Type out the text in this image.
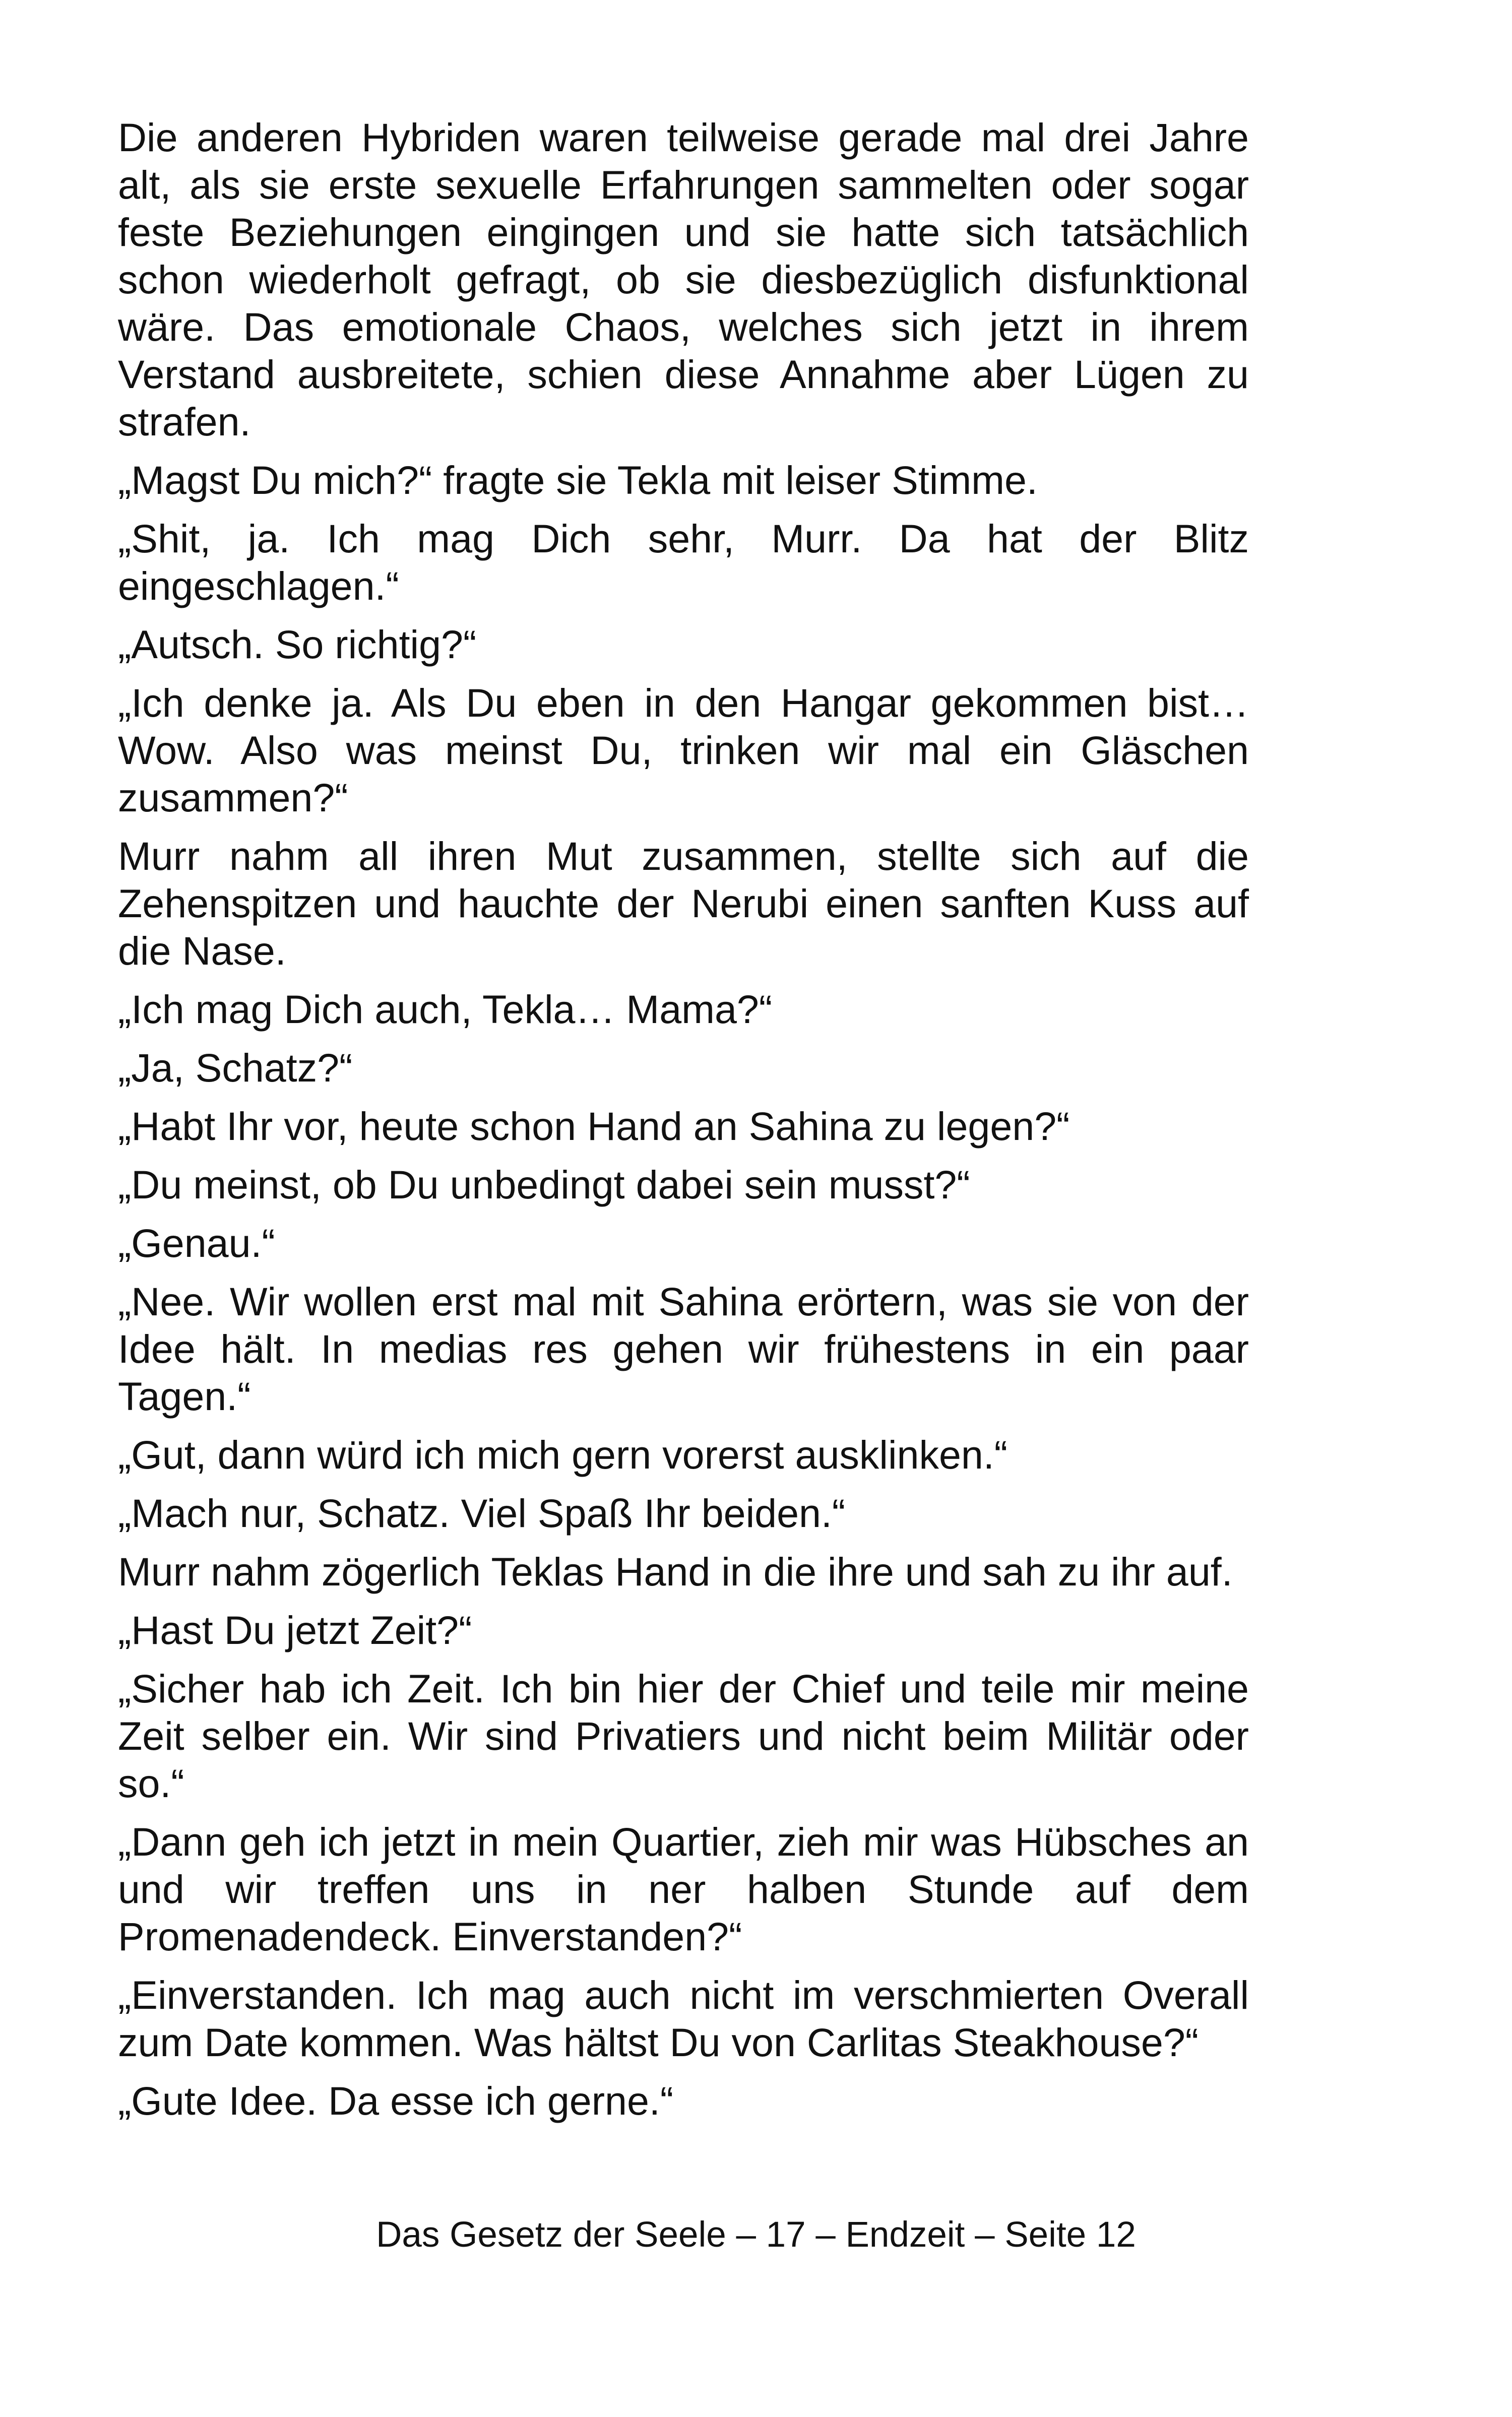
Die anderen Hybriden waren teilweise gerade mal drei Jahre alt, als sie erste sexuelle Erfahrungen sammelten oder sogar feste Beziehungen eingingen und sie hatte sich tatsächlich schon wiederholt gefragt, ob sie diesbezüglich disfunktional wäre. Das emotionale Chaos, welches sich jetzt in ihrem Verstand ausbreitete, schien diese Annahme aber Lügen zu strafen.

„Magst Du mich?“ fragte sie Tekla mit leiser Stimme.

„Shit, ja. Ich mag Dich sehr, Murr. Da hat der Blitz eingeschlagen.“

„Autsch. So richtig?“

„Ich denke ja. Als Du eben in den Hangar gekommen bist… Wow. Also was meinst Du, trinken wir mal ein Gläschen zusammen?“

Murr nahm all ihren Mut zusammen, stellte sich auf die Zehenspitzen und hauchte der Nerubi einen sanften Kuss auf die Nase.

„Ich mag Dich auch, Tekla… Mama?“

„Ja, Schatz?“

„Habt Ihr vor, heute schon Hand an Sahina zu legen?“

„Du meinst, ob Du unbedingt dabei sein musst?“

„Genau.“

„Nee. Wir wollen erst mal mit Sahina erörtern, was sie von der Idee hält. In medias res gehen wir frühestens in ein paar Tagen.“

„Gut, dann würd ich mich gern vorerst ausklinken.“

„Mach nur, Schatz. Viel Spaß Ihr beiden.“

Murr nahm zögerlich Teklas Hand in die ihre und sah zu ihr auf.

„Hast Du jetzt Zeit?“

„Sicher hab ich Zeit. Ich bin hier der Chief und teile mir meine Zeit selber ein. Wir sind Privatiers und nicht beim Militär oder so.“

„Dann geh ich jetzt in mein Quartier, zieh mir was Hübsches an und wir treffen uns in ner halben Stunde auf dem Promenadendeck. Einverstanden?“

„Einverstanden. Ich mag auch nicht im verschmierten Overall zum Date kommen. Was hältst Du von Carlitas Steakhouse?“

„Gute Idee. Da esse ich gerne.“

Das Gesetz der Seele – 17 – Endzeit – Seite 12
